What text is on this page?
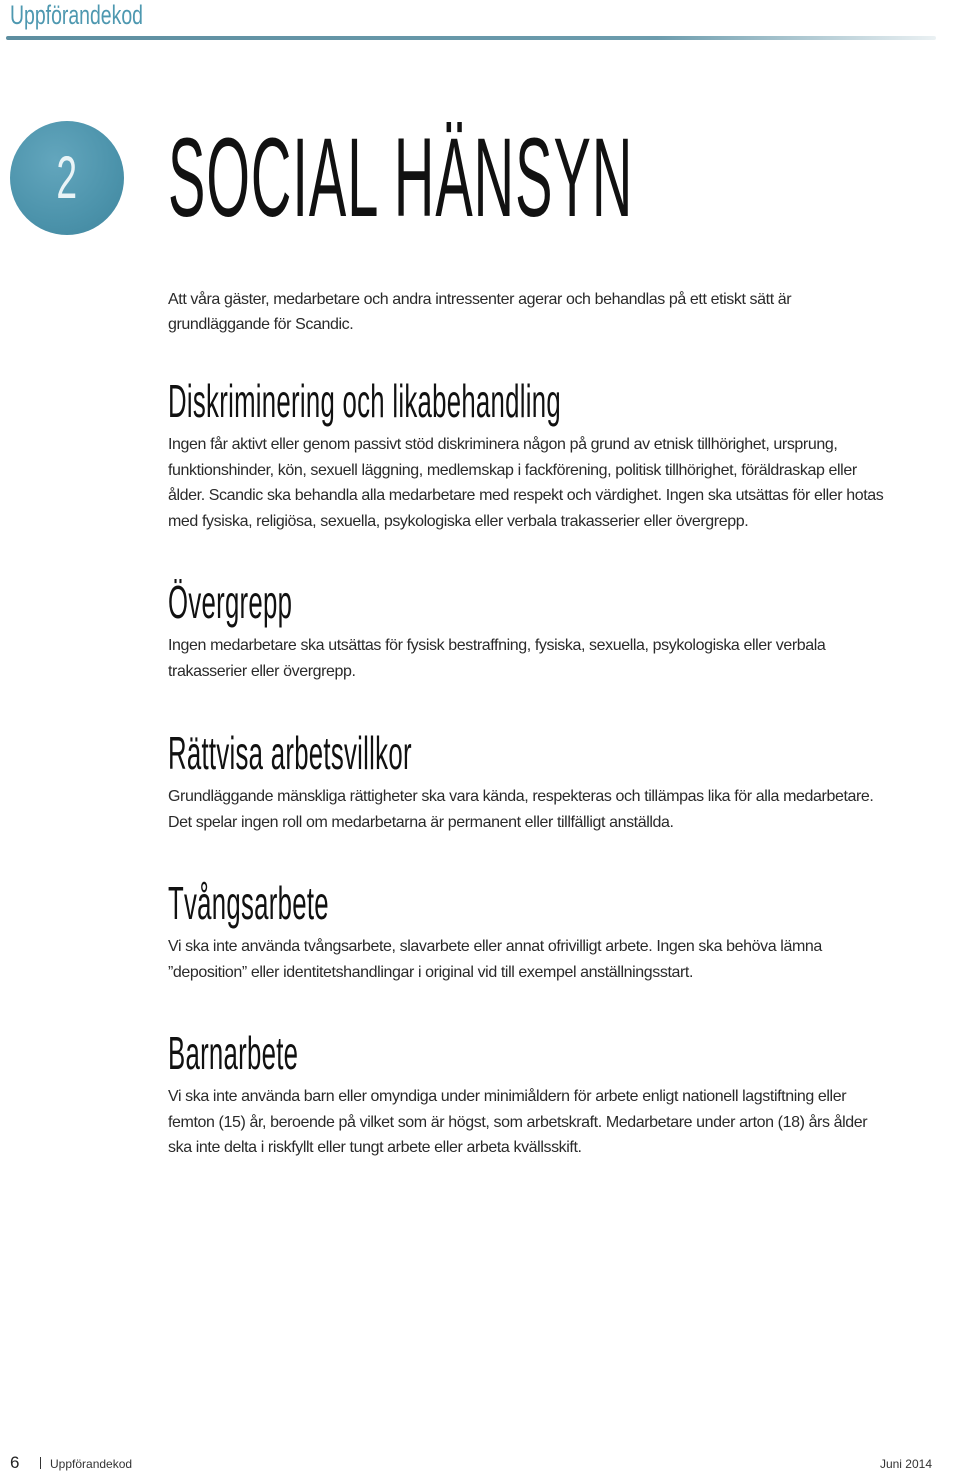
Uppförandekod
2 SOCIAL HÄNSYN
Att våra gäster, medarbetare och andra intressenter agerar och behandlas på ett etiskt sätt är grundläggande för Scandic.
Diskriminering och likabehandling

Ingen får aktivt eller genom passivt stöd diskriminera någon på grund av etnisk tillhörighet, ursprung, funktionshinder, kön, sexuell läggning, medlemskap i fackförening, politisk tillhörighet, föräldraskap eller ålder. Scandic ska behandla alla medarbetare med respekt och värdighet. Ingen ska utsättas för eller hotas med fysiska, religiösa, sexuella, psykologiska eller verbala trakasserier eller övergrepp.

Övergrepp

Ingen medarbetare ska utsättas för fysisk bestraffning, fysiska, sexuella, psykologiska eller verbala trakasserier eller övergrepp.

Rättvisa arbetsvillkor

Grundläggande mänskliga rättigheter ska vara kända, respekteras och tillämpas lika för alla medarbetare. Det spelar ingen roll om medarbetarna är permanent eller tillfälligt anställda.

Tvångsarbete

Vi ska inte använda tvångsarbete, slavarbete eller annat ofrivilligt arbete. Ingen ska behöva lämna ”deposition” eller identitetshandlingar i original vid till exempel anställningsstart.

Barnarbete

Vi ska inte använda barn eller omyndiga under minimiåldern för arbete enligt nationell lagstiftning eller femton (15) år, beroende på vilket som är högst, som arbetskraft. Medarbetare under arton (18) års ålder ska inte delta i riskfyllt eller tungt arbete eller arbeta kvällsskift.

6	Uppförandekod	Juni 2014
